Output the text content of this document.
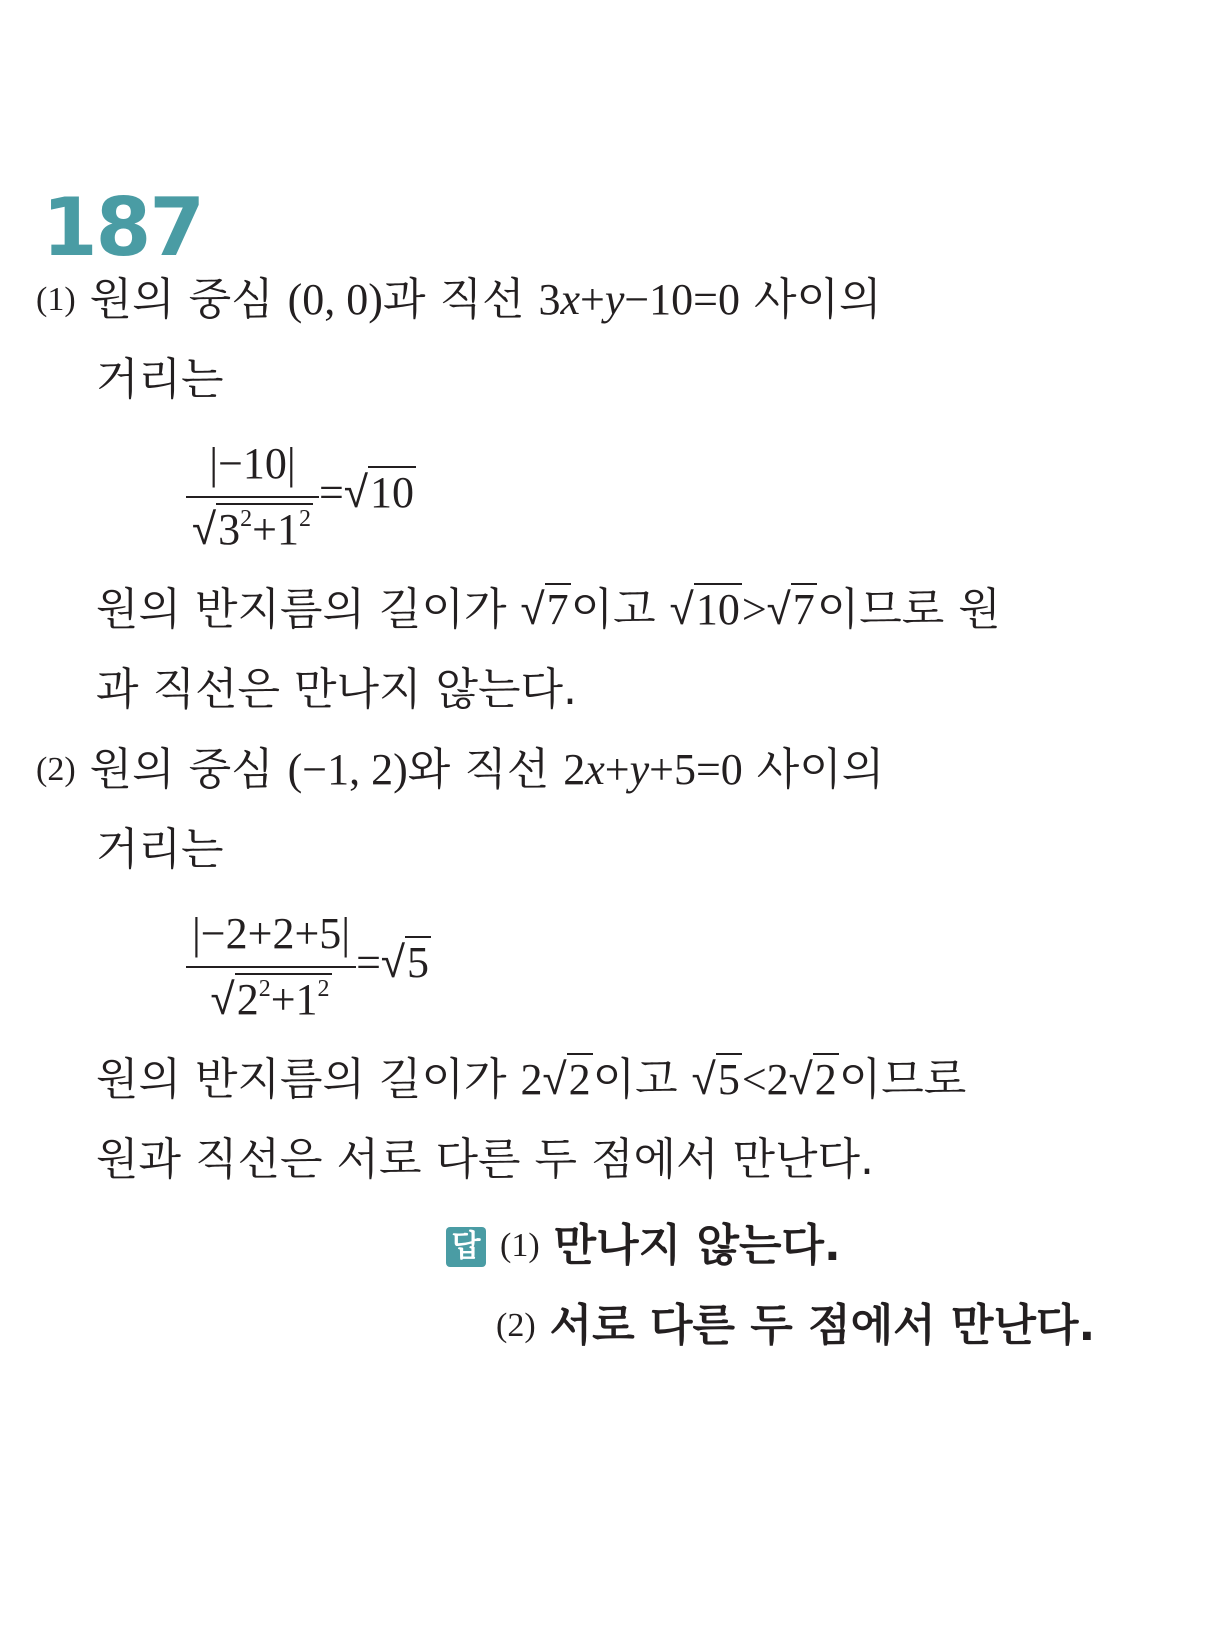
187
(1) 원의 중심 (0, 0)과 직선 3x+y−10=0 사이의
거리는
$\frac{|-10|}{√3^2+1^2} =√10$
원의 반지름의 길이가 √7이고 √10>√7이므로 원
과 직선은 만나지 않는다.
(2) 원의 중심 (−1, 2)와 직선 2x+y+5=0 사이의
거리는
$\frac{|-2+2+5|}{√2^2+1^2} =√5$
원의 반지름의 길이가 2√2이고 √5<2√2이므로
원과 직선은 서로 다른 두 점에서 만난다.
답 (1) 만나지 않는다.
(2) 서로 다른 두 점에서 만난다.
